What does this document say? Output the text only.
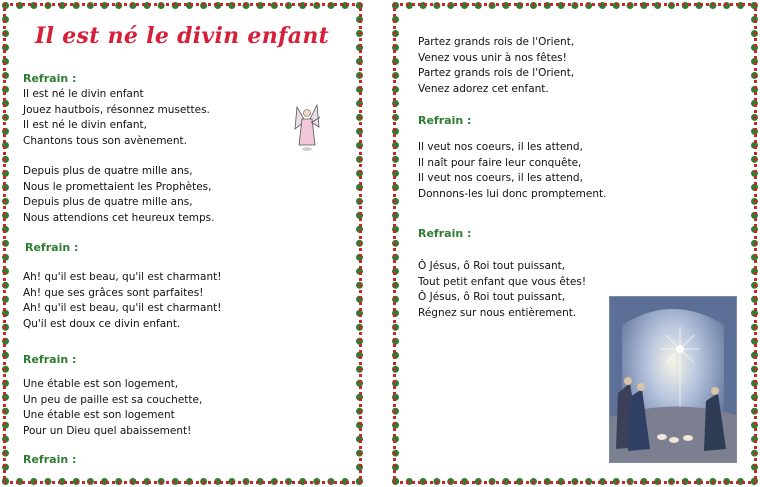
Il est né le divin enfant
Refrain :
Il est né le divin enfant
Jouez hautbois, résonnez musettes.
Il est né le divin enfant,
Chantons tous son avènement.
Depuis plus de quatre mille ans,
Nous le promettaient les Prophètes,
Depuis plus de quatre mille ans,
Nous attendions cet heureux temps.
Refrain :
Ah! qu'il est beau, qu'il est charmant!
Ah! que ses grâces sont parfaites!
Ah! qu'il est beau, qu'il est charmant!
Qu'il est doux ce divin enfant.
Refrain :
Une étable est son logement,
Un peu de paille est sa couchette,
Une étable est son logement
Pour un Dieu quel abaissement!
Refrain :
Partez grands rois de l'Orient,
Venez vous unir à nos fêtes!
Partez grands rois de l'Orient,
Venez adorez cet enfant.
Refrain :
Il veut nos coeurs, il les attend,
Il naît pour faire leur conquête,
Il veut nos coeurs, il les attend,
Donnons-les lui donc promptement.
Refrain :
Ô Jésus, ô Roi tout puissant,
Tout petit enfant que vous êtes!
Ô Jésus, ô Roi tout puissant,
Régnez sur nous entièrement.
